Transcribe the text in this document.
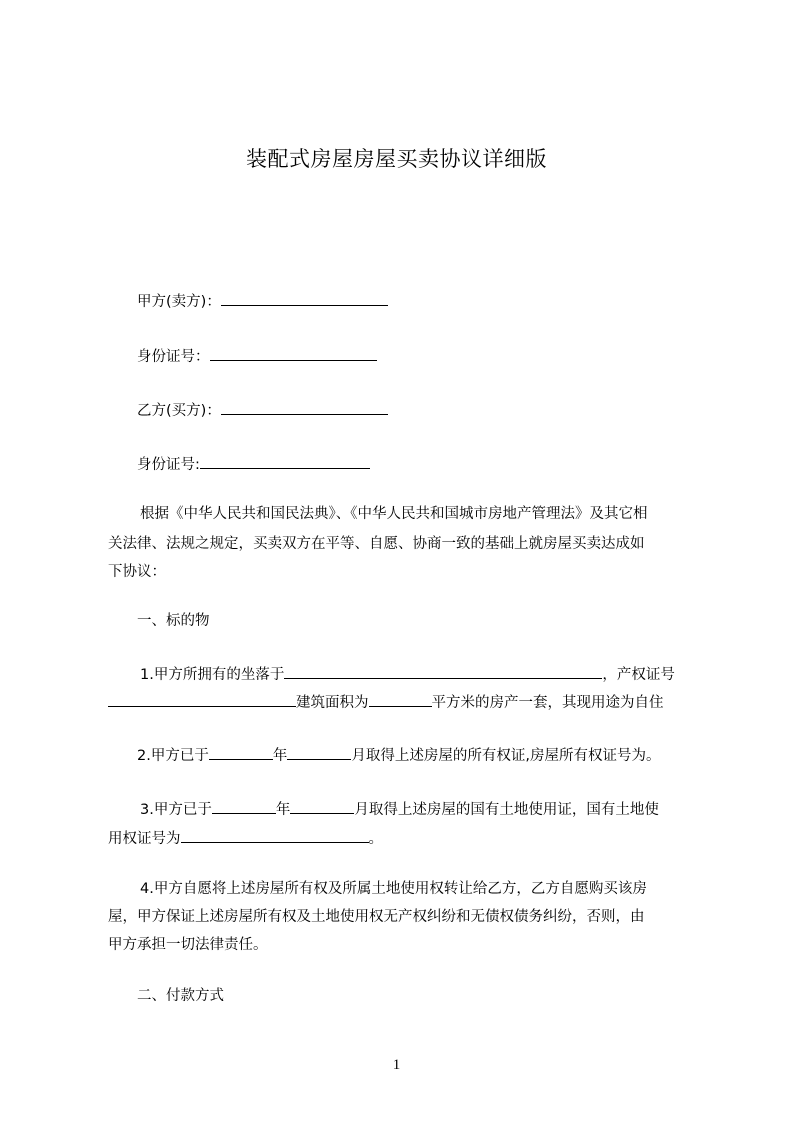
装配式房屋房屋买卖协议详细版
甲方(卖方)：
身份证号：
乙方(买方)：
身份证号:
根据《中华人民共和国民法典》、《中华人民共和国城市房地产管理法》及其它相
关法律、法规之规定，买卖双方在平等、自愿、协商一致的基础上就房屋买卖达成如
下协议：
一、标的物
1.甲方所拥有的坐落于	，产权证号
建筑面积为	平方米的房产一套，其现用途为自住
2.甲方已于	年	月取得上述房屋的所有权证,房屋所有权证号为。
3.甲方已于	年	月取得上述房屋的国有土地使用证，国有土地使
用权证号为	。
4.甲方自愿将上述房屋所有权及所属土地使用权转让给乙方，乙方自愿购买该房
屋，甲方保证上述房屋所有权及土地使用权无产权纠纷和无债权债务纠纷，否则，由
甲方承担一切法律责任。
二、付款方式
1
